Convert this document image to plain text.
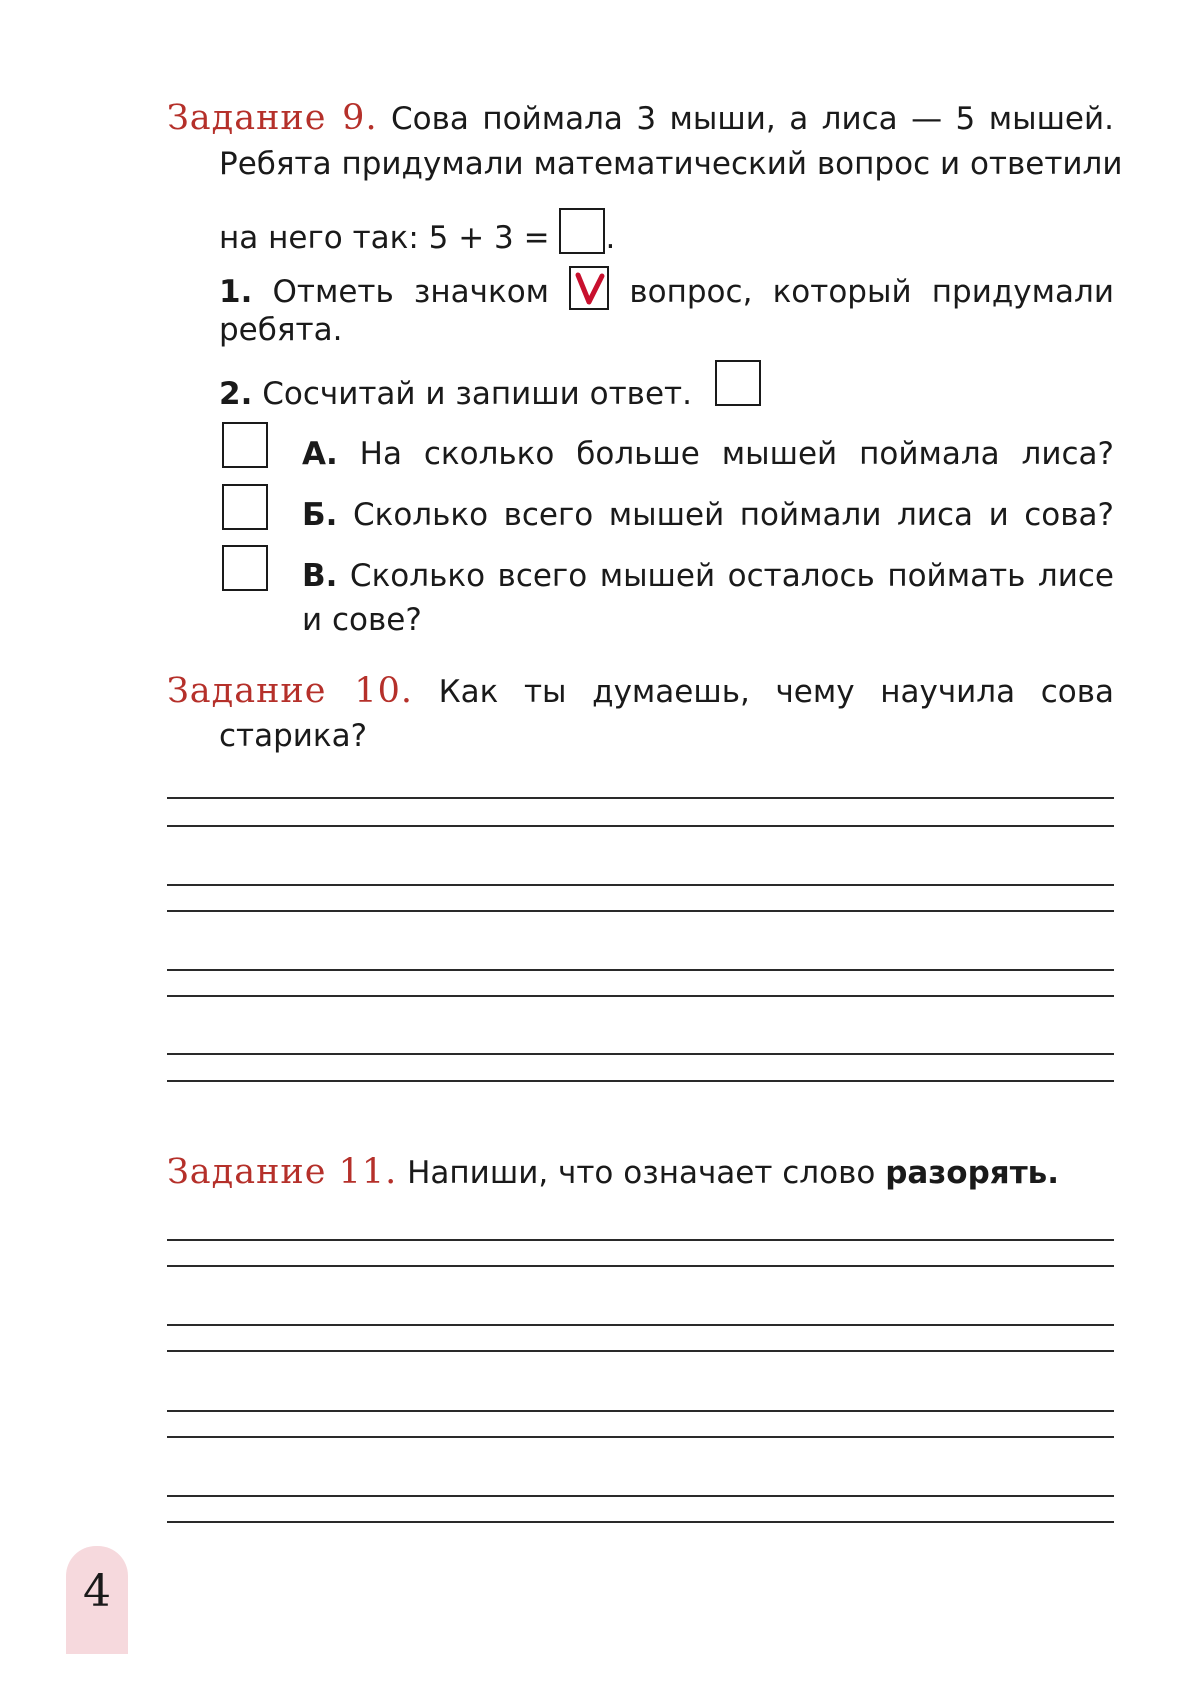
Задание 9. Сова поймала 3 мыши, а лиса — 5 мышей.
Ребята придумали математический вопрос и ответили
на него так: 5 + 3 = .
1. Отметь значком	вопрос, который придумали
ребята.
2. Сосчитай и запиши ответ.
А. На сколько больше мышей поймала лиса?
Б. Сколько всего мышей поймали лиса и сова?
В. Сколько всего мышей осталось поймать лисе
и сове?
Задание 10. Как ты думаешь, чему научила сова
старика?
Задание 11. Напиши, что означает слово разорять.
4
